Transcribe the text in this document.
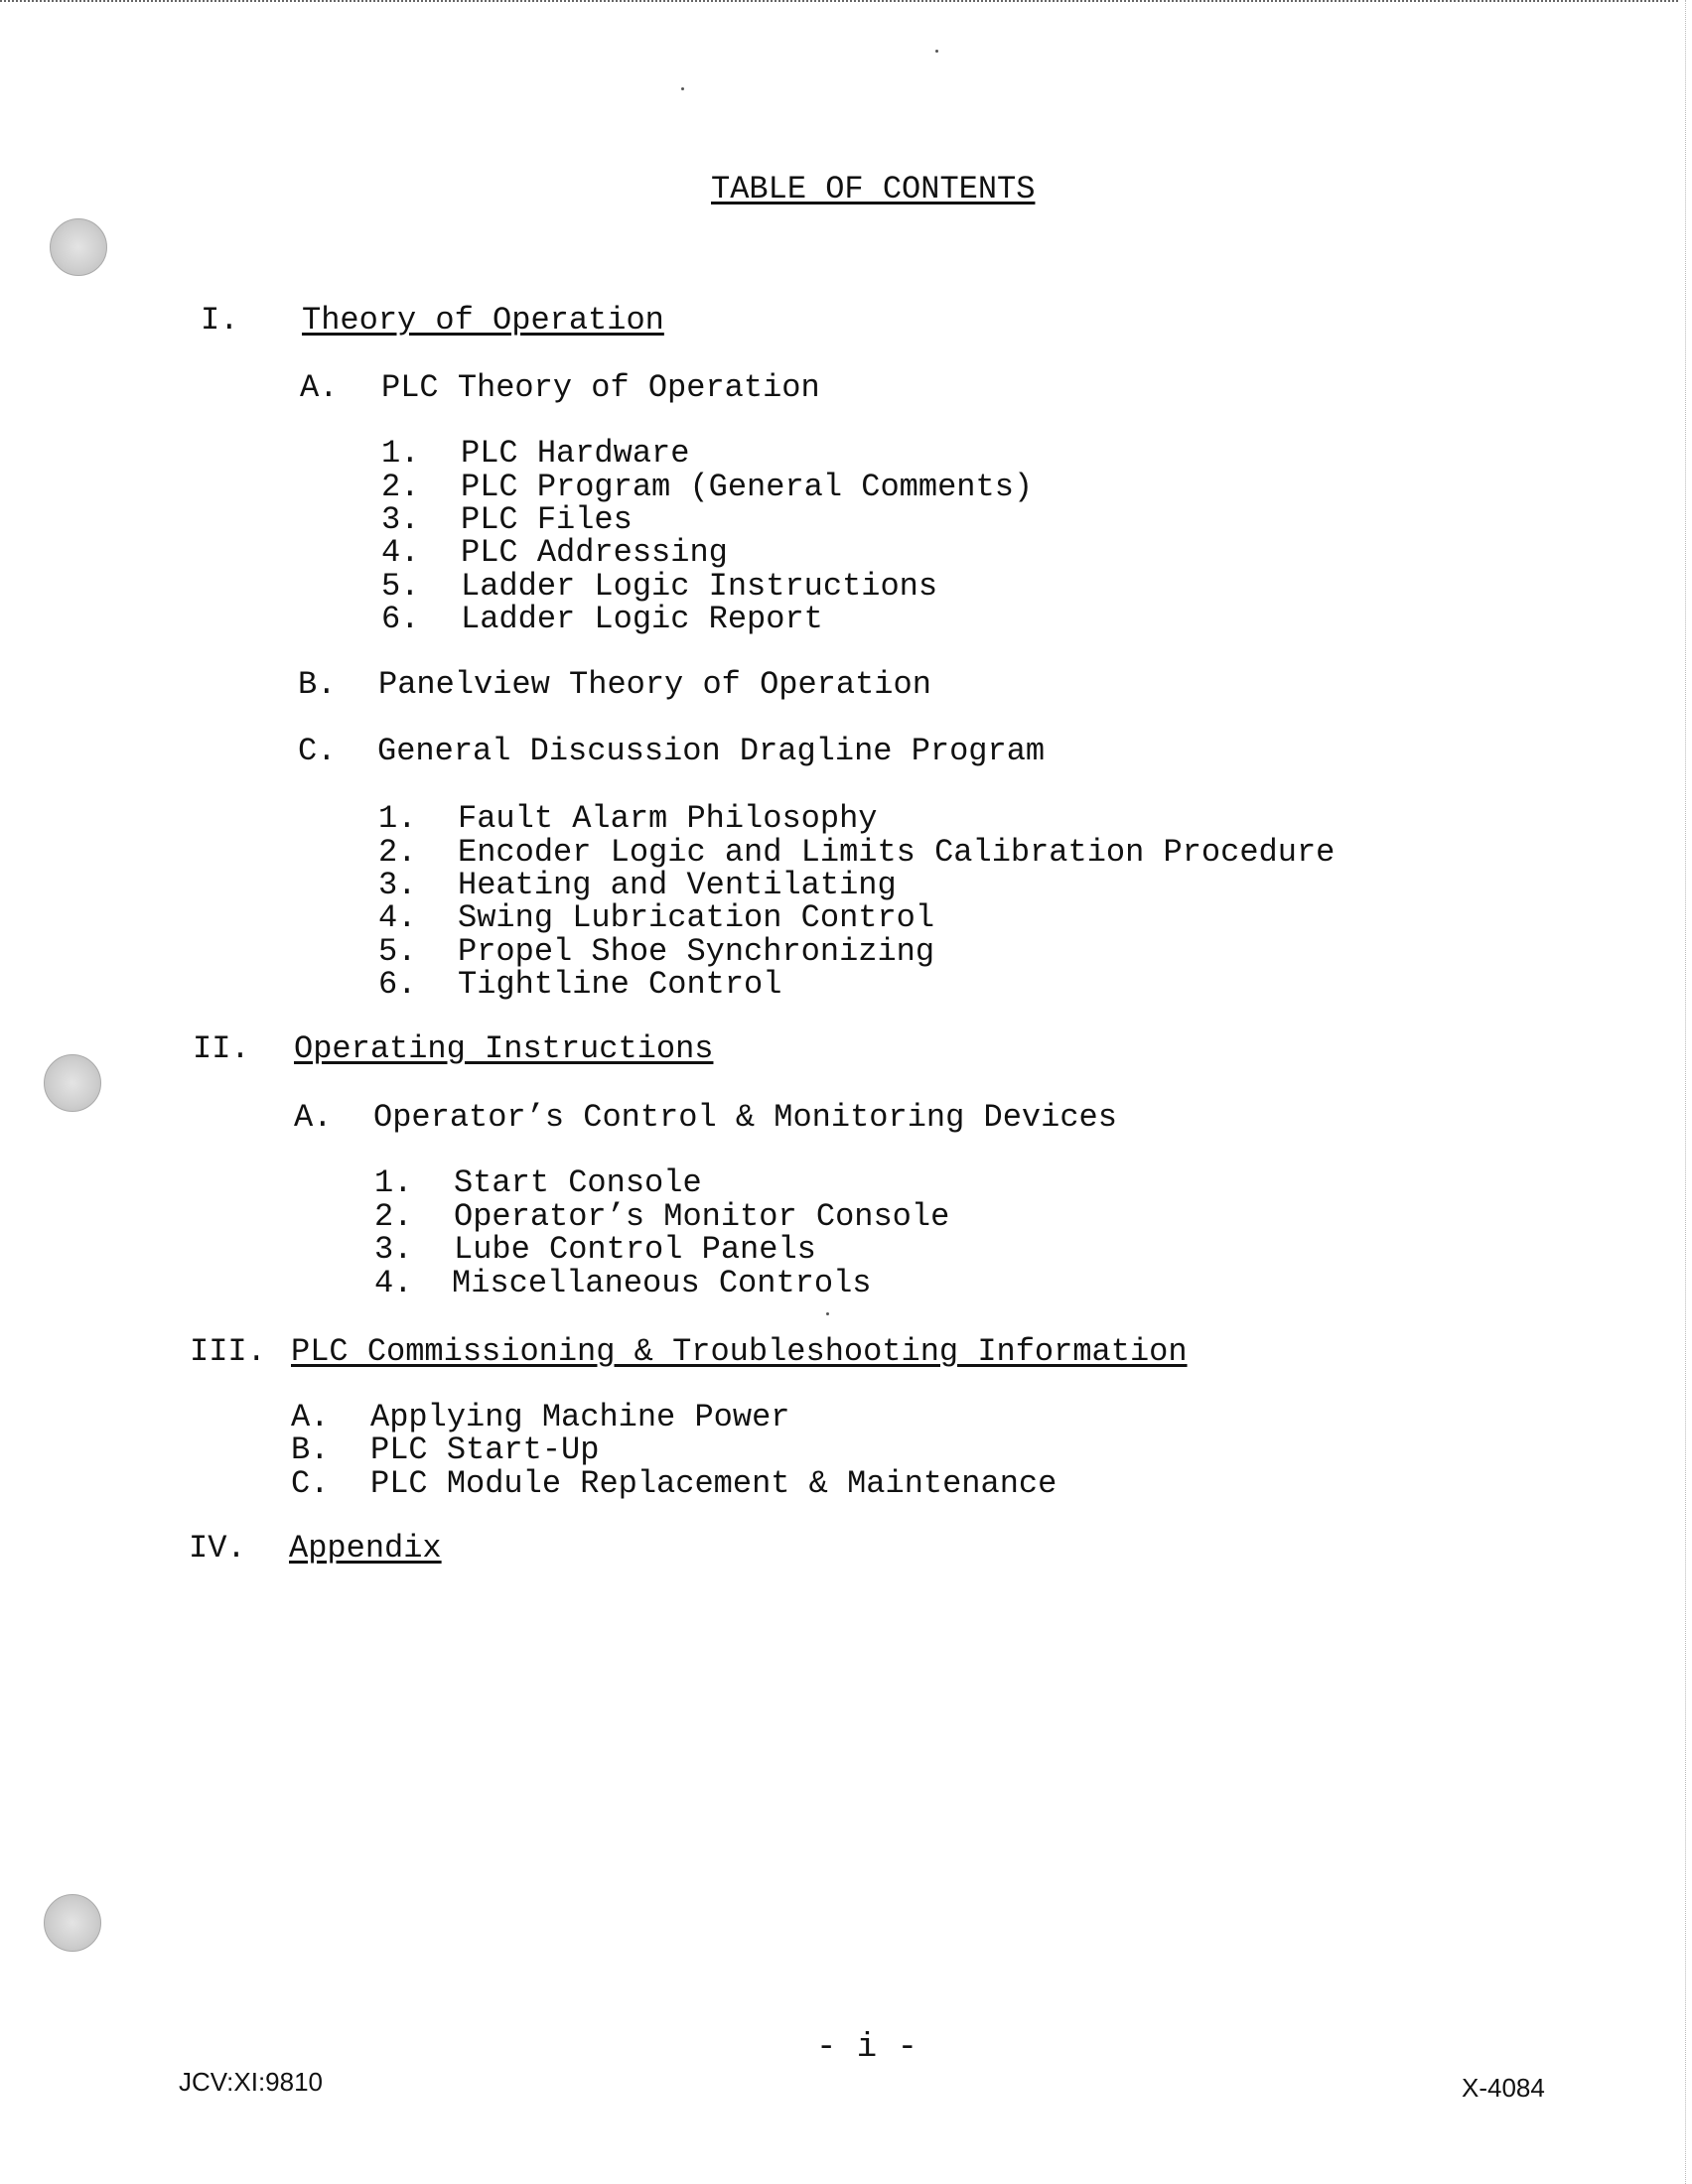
TABLE OF CONTENTS
I. Theory of Operation
A. PLC Theory of Operation
1. PLC Hardware
2. PLC Program (General Comments)
3. PLC Files
4. PLC Addressing
5. Ladder Logic Instructions
6. Ladder Logic Report
B. Panelview Theory of Operation
C. General Discussion Dragline Program
1. Fault Alarm Philosophy
2. Encoder Logic and Limits Calibration Procedure
3. Heating and Ventilating
4. Swing Lubrication Control
5. Propel Shoe Synchronizing
6. Tightline Control
II. Operating Instructions
A. Operator’s Control & Monitoring Devices
1. Start Console
2. Operator’s Monitor Console
3. Lube Control Panels
4. Miscellaneous Controls
III. PLC Commissioning & Troubleshooting Information
A. Applying Machine Power
B. PLC Start-Up
C. PLC Module Replacement & Maintenance
IV. Appendix
- i -
JCV:XI:9810	X-4084
